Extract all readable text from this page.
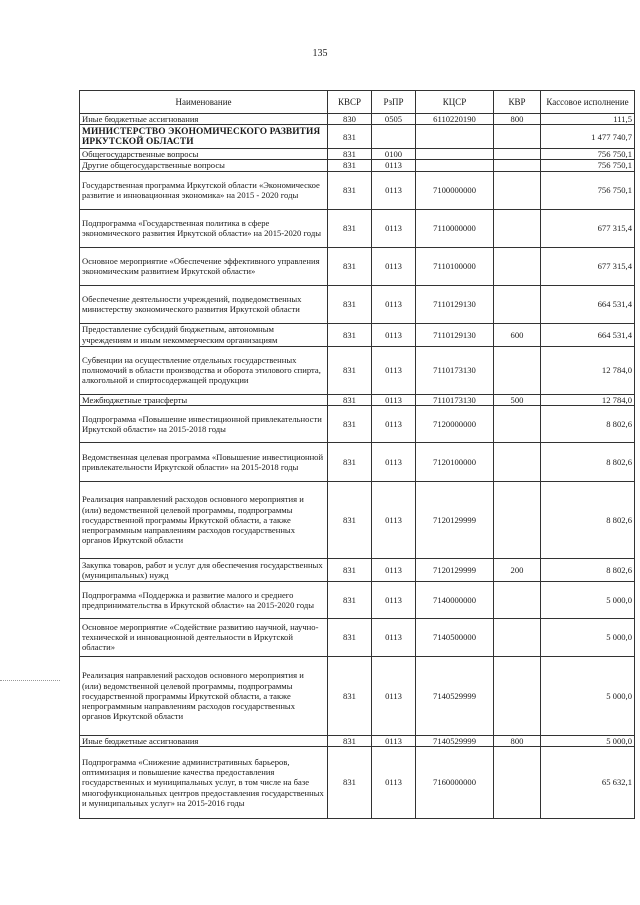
135
Наименование	КВСР	РзПР	КЦСР	КВР	Кассовое исполнение
Иные бюджетные ассигнования	830	0505	6110220190	800	111,5
МИНИСТЕРСТВО ЭКОНОМИЧЕСКОГО РАЗВИТИЯ ИРКУТСКОЙ ОБЛАСТИ	831				1 477 740,7
Общегосударственные вопросы	831	0100			756 750,1
Другие общегосударственные вопросы	831	0113			756 750,1
Государственная программа Иркутской области «Экономическое развитие и инновационная экономика» на 2015 - 2020 годы	831	0113	7100000000		756 750,1
Подпрограмма «Государственная политика в сфере экономического развития Иркутской области» на 2015-2020 годы	831	0113	7110000000		677 315,4
Основное мероприятие «Обеспечение эффективного управления экономическим развитием Иркутской области»	831	0113	7110100000		677 315,4
Обеспечение деятельности учреждений, подведомственных министерству экономического развития Иркутской области	831	0113	7110129130		664 531,4
Предоставление субсидий бюджетным, автономным учреждениям и иным некоммерческим организациям	831	0113	7110129130	600	664 531,4
Субвенции на осуществление отдельных государственных полномочий в области производства и оборота этилового спирта, алкогольной и спиртосодержащей продукции	831	0113	7110173130		12 784,0
Межбюджетные трансферты	831	0113	7110173130	500	12 784,0
Подпрограмма «Повышение инвестиционной привлекательности Иркутской области» на 2015-2018 годы	831	0113	7120000000		8 802,6
Ведомственная целевая программа «Повышение инвестиционной привлекательности Иркутской области» на 2015-2018 годы	831	0113	7120100000		8 802,6
Реализация направлений расходов основного мероприятия и (или) ведомственной целевой программы, подпрограммы государственной программы Иркутской области, а также непрограммным направлениям расходов государственных органов Иркутской области	831	0113	7120129999		8 802,6
Закупка товаров, работ и услуг для обеспечения государственных (муниципальных) нужд	831	0113	7120129999	200	8 802,6
Подпрограмма «Поддержка и развитие малого и среднего предпринимательства в Иркутской области» на 2015-2020 годы	831	0113	7140000000		5 000,0
Основное мероприятие «Содействие развитию научной, научно-технической и инновационной деятельности в Иркутской области»	831	0113	7140500000		5 000,0
Реализация направлений расходов основного мероприятия и (или) ведомственной целевой программы, подпрограммы государственной программы Иркутской области, а также непрограммным направлениям расходов государственных органов Иркутской области	831	0113	7140529999		5 000,0
Иные бюджетные ассигнования	831	0113	7140529999	800	5 000,0
Подпрограмма «Снижение административных барьеров, оптимизация и повышение качества предоставления государственных и муниципальных услуг, в том числе на базе многофункциональных центров предоставления государственных и муниципальных услуг» на 2015-2016 годы	831	0113	7160000000		65 632,1
